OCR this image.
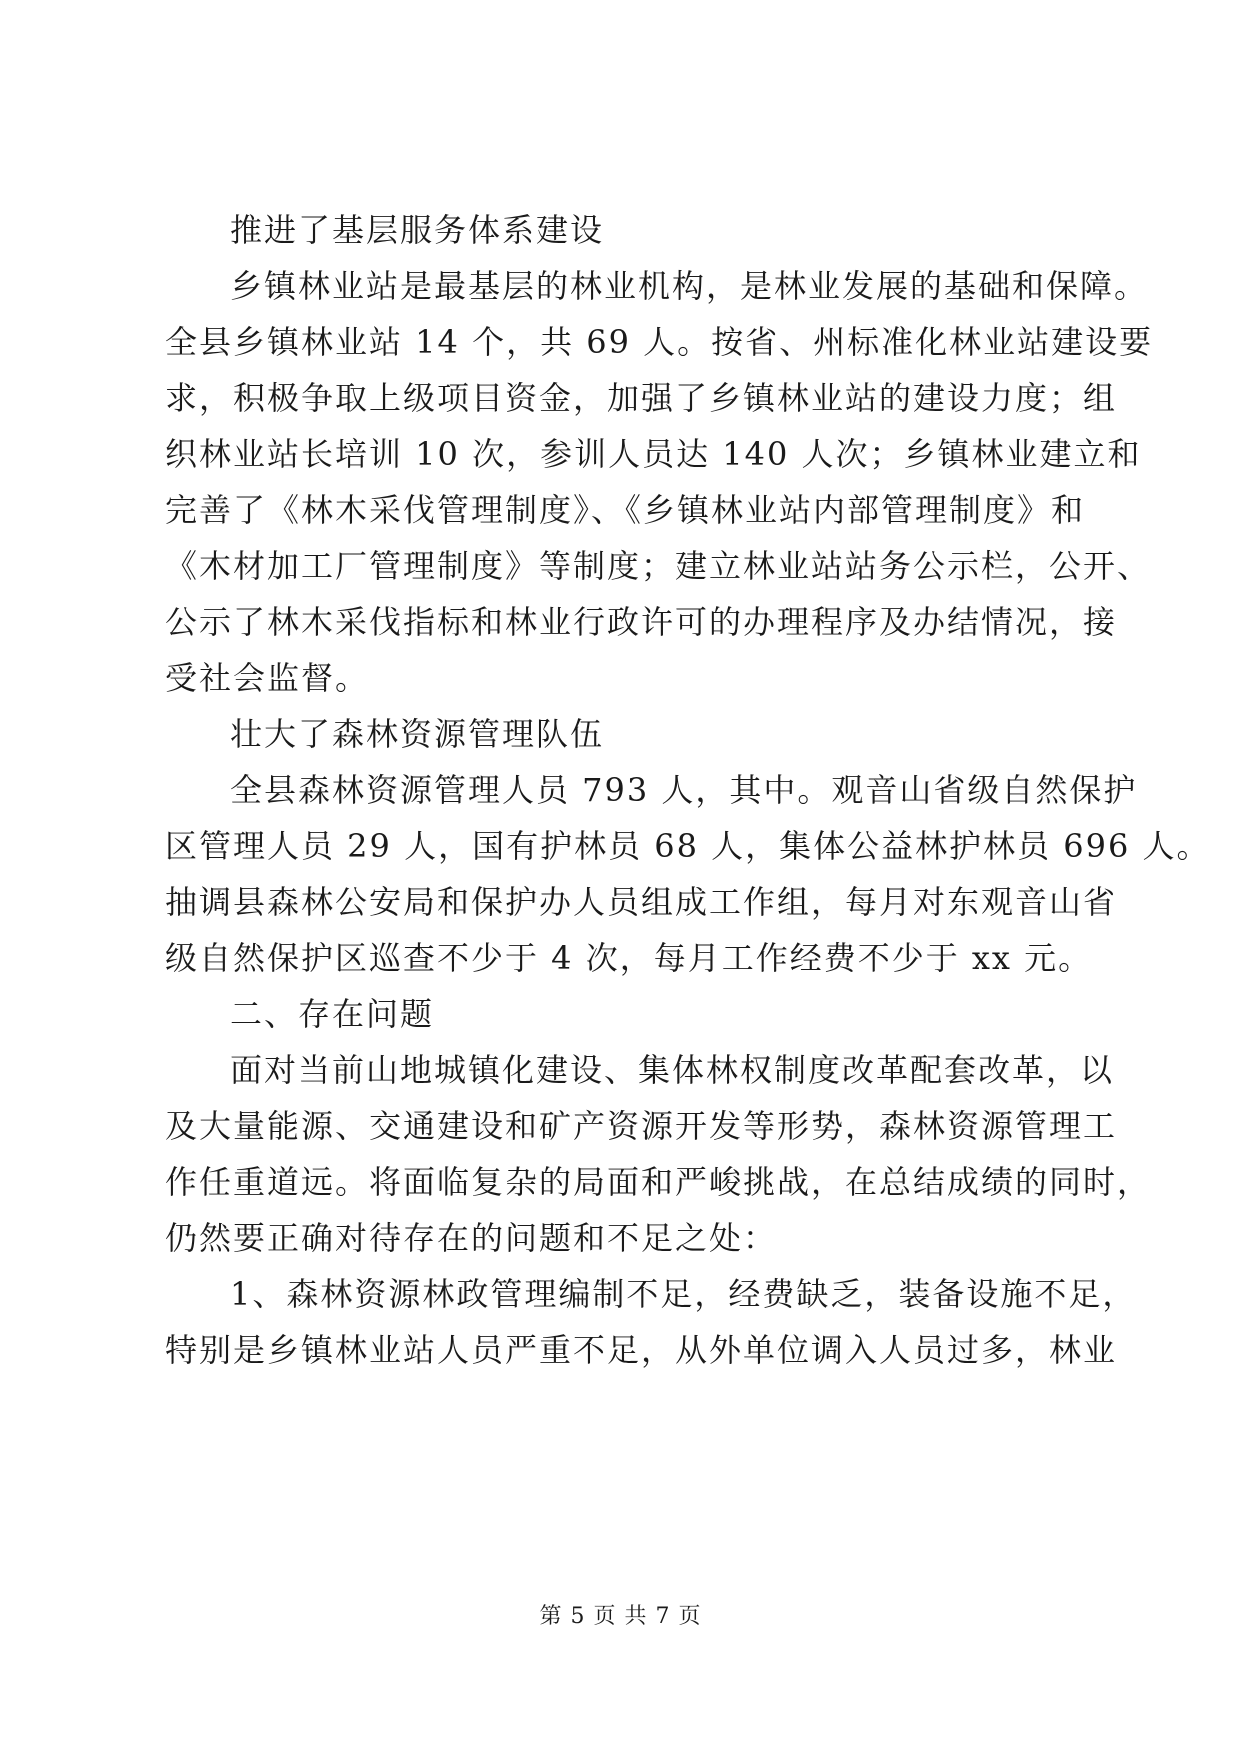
推进了基层服务体系建设
乡镇林业站是最基层的林业机构，是林业发展的基础和保障。
全县乡镇林业站 14 个，共 69 人。按省、州标准化林业站建设要
求，积极争取上级项目资金，加强了乡镇林业站的建设力度；组
织林业站长培训 10 次，参训人员达 140 人次；乡镇林业建立和
完善了《林木采伐管理制度》、《乡镇林业站内部管理制度》和
《木材加工厂管理制度》等制度；建立林业站站务公示栏，公开、
公示了林木采伐指标和林业行政许可的办理程序及办结情况，接
受社会监督。
壮大了森林资源管理队伍
全县森林资源管理人员 793 人，其中。观音山省级自然保护
区管理人员 29 人，国有护林员 68 人，集体公益林护林员 696 人。
抽调县森林公安局和保护办人员组成工作组，每月对东观音山省
级自然保护区巡查不少于 4 次，每月工作经费不少于 xx 元。
二、存在问题
面对当前山地城镇化建设、集体林权制度改革配套改革，以
及大量能源、交通建设和矿产资源开发等形势，森林资源管理工
作任重道远。将面临复杂的局面和严峻挑战，在总结成绩的同时，
仍然要正确对待存在的问题和不足之处：
1、森林资源林政管理编制不足，经费缺乏，装备设施不足，
特别是乡镇林业站人员严重不足，从外单位调入人员过多，林业
第 5 页 共 7 页
